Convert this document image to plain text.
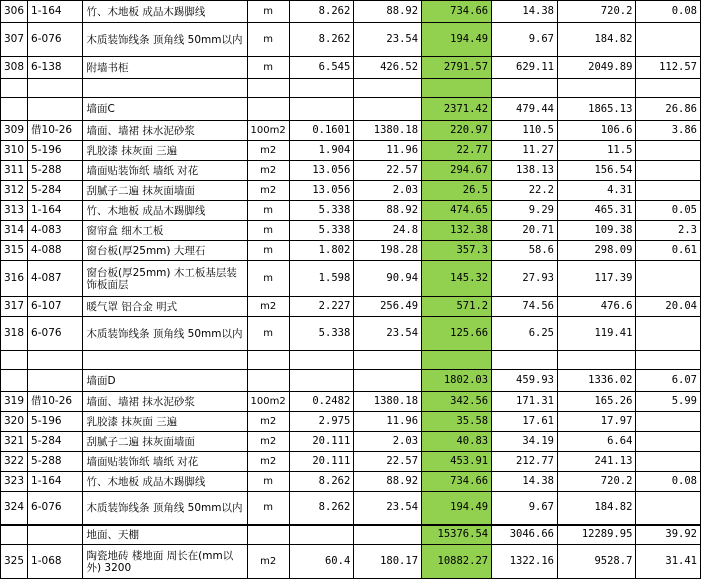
306	1-164	竹、木地板 成品木踢脚线	m	8.262	88.92	734.66	14.38	720.2	0.08
307	6-076	木质装饰线条 顶角线 50mm以内	m	8.262	23.54	194.49	9.67	184.82	
308	6-138	附墙书柜	m	6.545	426.52	2791.57	629.11	2049.89	112.57

		墙面C				2371.42	479.44	1865.13	26.86
309	借10-26	墙面、墙裙 抹水泥砂浆	100m2	0.1601	1380.18	220.97	110.5	106.6	3.86
310	5-196	乳胶漆 抹灰面 三遍	m2	1.904	11.96	22.77	11.27	11.5	
311	5-288	墙面贴装饰纸 墙纸 对花	m2	13.056	22.57	294.67	138.13	156.54	
312	5-284	刮腻子二遍 抹灰面墙面	m2	13.056	2.03	26.5	22.2	4.31	
313	1-164	竹、木地板 成品木踢脚线	m	5.338	88.92	474.65	9.29	465.31	0.05
314	4-083	窗帘盒 细木工板	m	5.338	24.8	132.38	20.71	109.38	2.3
315	4-088	窗台板(厚25mm) 大理石	m	1.802	198.28	357.3	58.6	298.09	0.61
316	4-087	窗台板(厚25mm) 木工板基层装饰板面层	m	1.598	90.94	145.32	27.93	117.39	
317	6-107	暖气罩 铝合金 明式	m2	2.227	256.49	571.2	74.56	476.6	20.04
318	6-076	木质装饰线条 顶角线 50mm以内	m	5.338	23.54	125.66	6.25	119.41	

		墙面D				1802.03	459.93	1336.02	6.07
319	借10-26	墙面、墙裙 抹水泥砂浆	100m2	0.2482	1380.18	342.56	171.31	165.26	5.99
320	5-196	乳胶漆 抹灰面 三遍	m2	2.975	11.96	35.58	17.61	17.97	
321	5-284	刮腻子二遍 抹灰面墙面	m2	20.111	2.03	40.83	34.19	6.64	
322	5-288	墙面贴装饰纸 墙纸 对花	m2	20.111	22.57	453.91	212.77	241.13	
323	1-164	竹、木地板 成品木踢脚线	m	8.262	88.92	734.66	14.38	720.2	0.08
324	6-076	木质装饰线条 顶角线 50mm以内	m	8.262	23.54	194.49	9.67	184.82	
		地面、天棚				15376.54	3046.66	12289.95	39.92
325	1-068	陶瓷地砖 楼地面 周长在(mm以外) 3200	m2	60.4	180.17	10882.27	1322.16	9528.7	31.41
